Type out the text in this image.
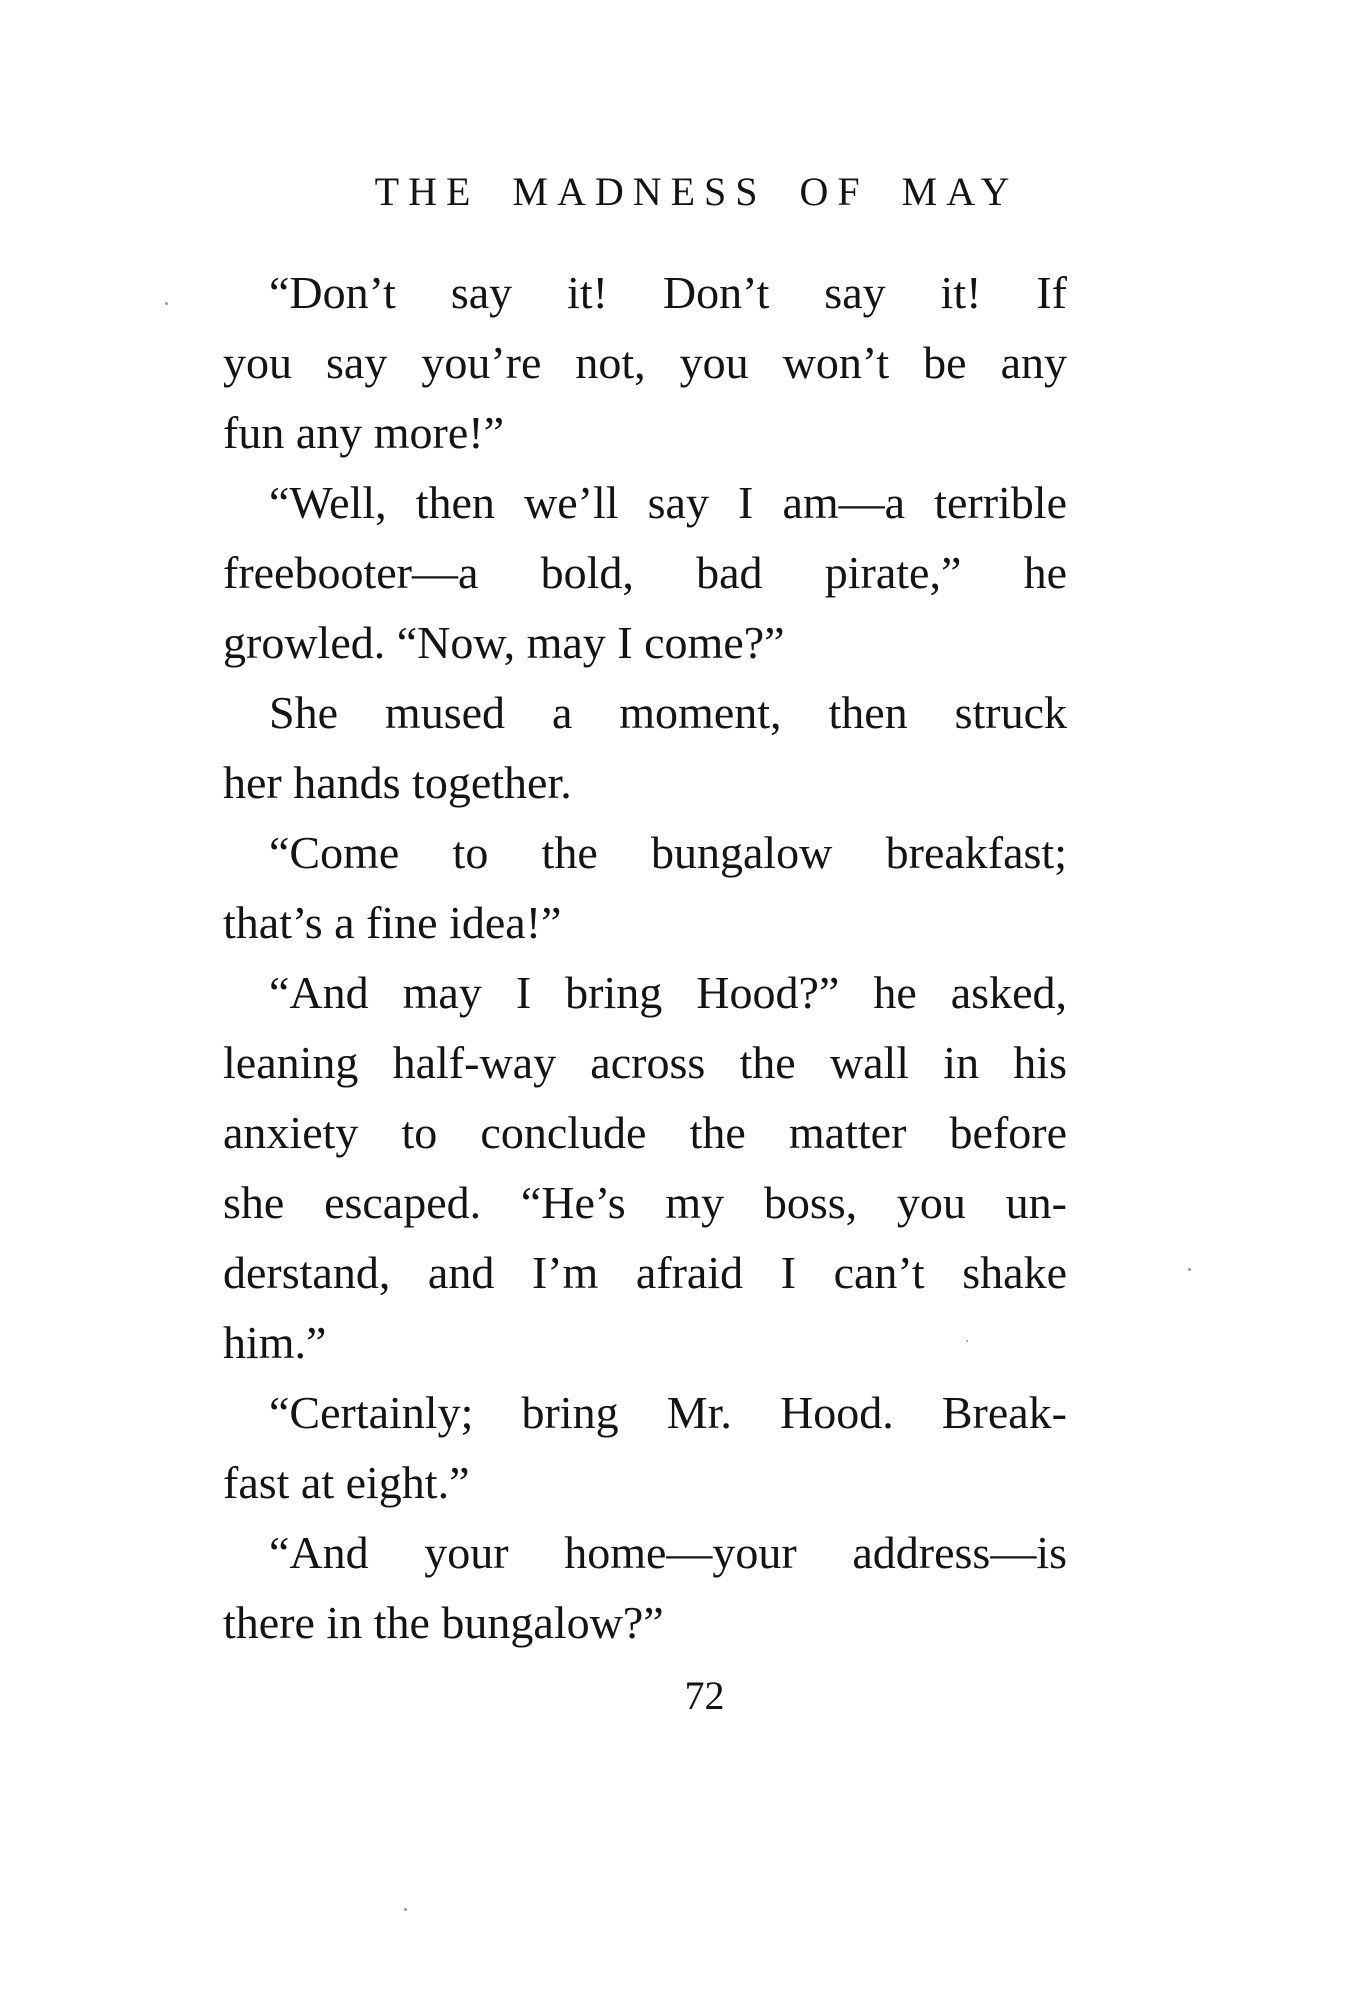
THE MADNESS OF MAY

“Don’t say it! Don’t say it! If
you say you’re not, you won’t be any
fun any more!”

“Well, then we’ll say I am—a terrible
freebooter—a bold, bad pirate,” he
growled. “Now, may I come?”

She mused a moment, then struck
her hands together.

“Come to the bungalow breakfast;
that’s a fine idea!”

“And may I bring Hood?” he asked,
leaning half-way across the wall in his
anxiety to conclude the matter before
she escaped. “He’s my boss, you un-
derstand, and I’m afraid I can’t shake
him.”

“Certainly; bring Mr. Hood. Break-
fast at eight.”

“And your home—your address—is
there in the bungalow?”

72
